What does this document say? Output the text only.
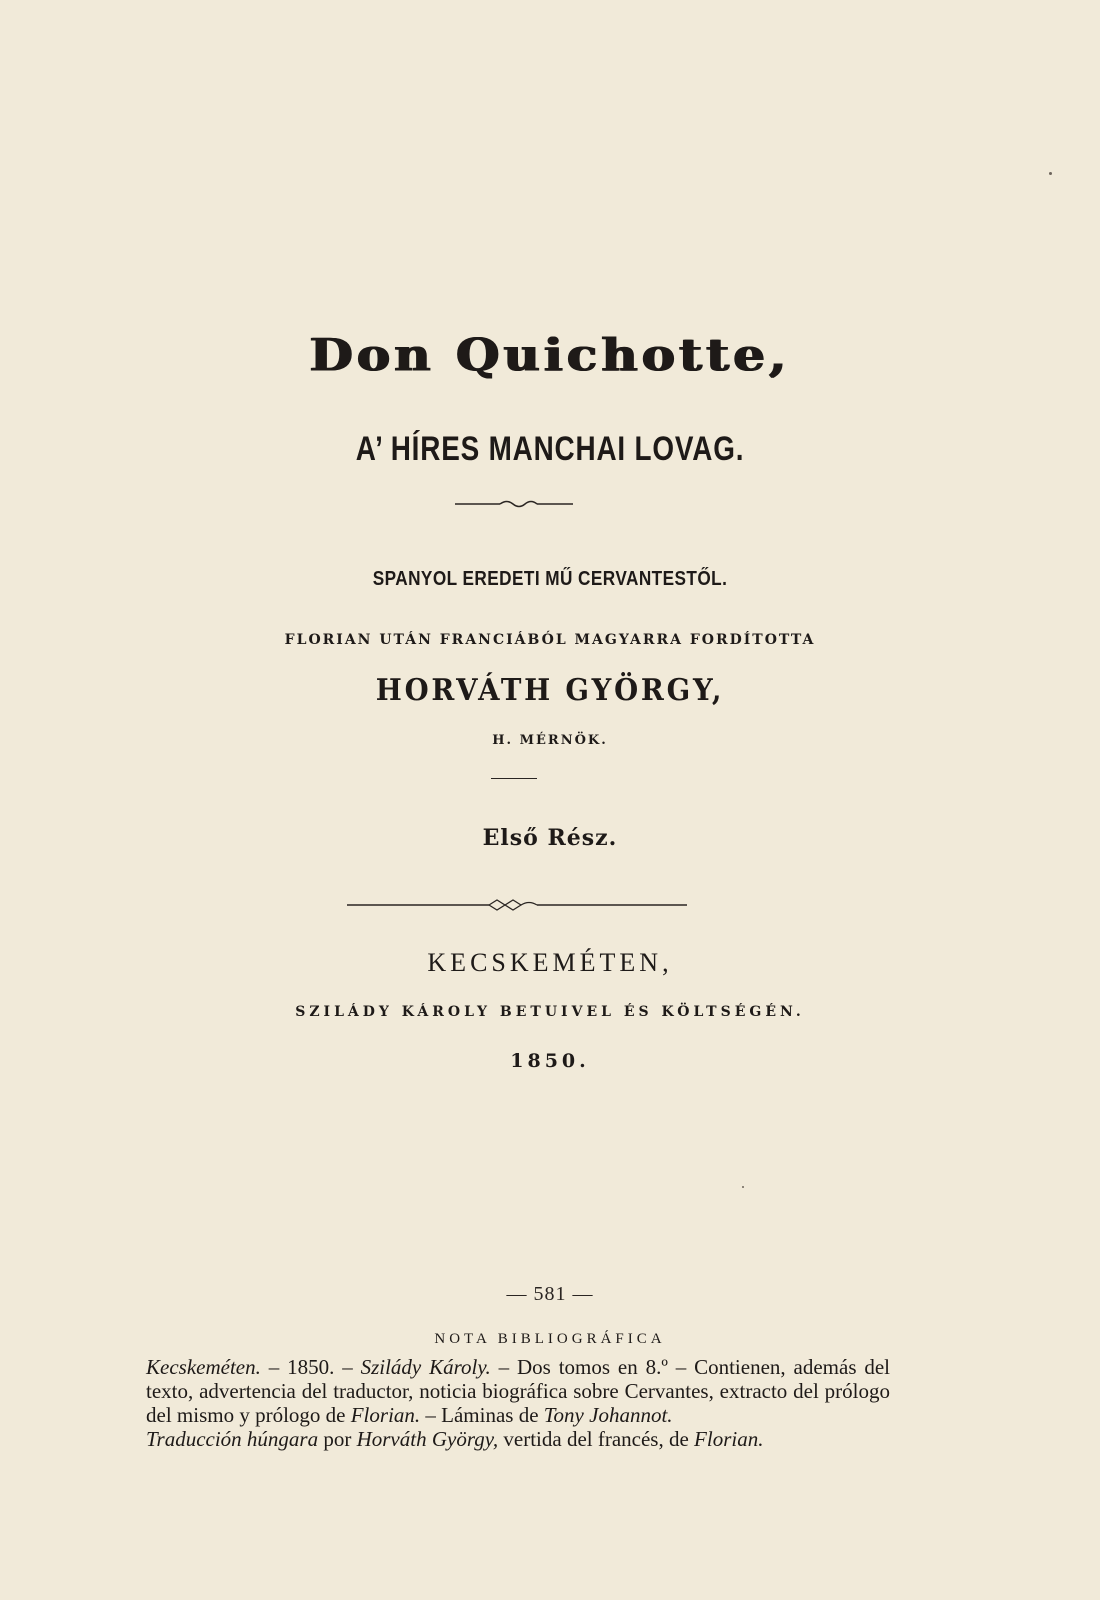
Don Quichotte,
A’ HÍRES MANCHAI LOVAG.
SPANYOL EREDETI MŰ CERVANTESTŐL.
FLORIAN UTÁN FRANCIÁBÓL MAGYARRA FORDÍTOTTA
HORVÁTH GYÖRGY,
H. MÉRNÖK.
Első Rész.
KECSKEMÉTEN,
SZILÁDY KÁROLY BETUIVEL ÉS KÖLTSÉGÉN.
1850.
— 581 —
NOTA BIBLIOGRÁFICA

Kecskeméten. – 1850. – Szilády Károly. – Dos tomos en 8.º – Contienen, además del texto, advertencia del traductor, noticia biográfica sobre Cervantes, extracto del prólogo del mismo y prólogo de Florian. – Láminas de Tony Johannot.

Traducción húngara por Horváth György, vertida del francés, de Florian.
